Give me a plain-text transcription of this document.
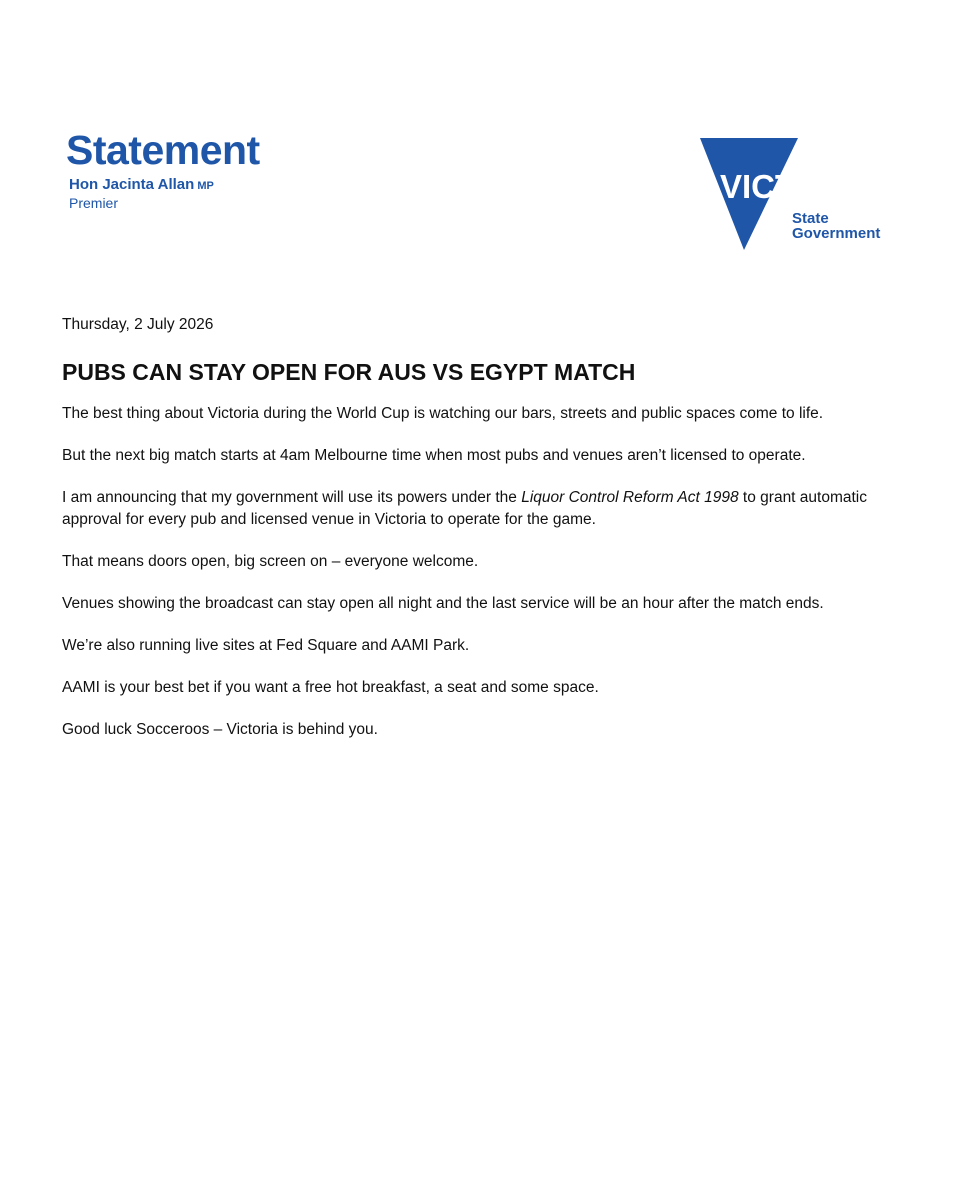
Statement
Hon Jacinta Allan MP
Premier	VICTORIA
State
Government

Thursday, 2 July 2026

PUBS CAN STAY OPEN FOR AUS VS EGYPT MATCH

The best thing about Victoria during the World Cup is watching our bars, streets and public spaces come to life.

But the next big match starts at 4am Melbourne time when most pubs and venues aren’t licensed to operate.

I am announcing that my government will use its powers under the Liquor Control Reform Act 1998 to grant automatic approval for every pub and licensed venue in Victoria to operate for the game.

That means doors open, big screen on – everyone welcome.

Venues showing the broadcast can stay open all night and the last service will be an hour after the match ends.

We’re also running live sites at Fed Square and AAMI Park.

AAMI is your best bet if you want a free hot breakfast, a seat and some space.

Good luck Socceroos – Victoria is behind you.
